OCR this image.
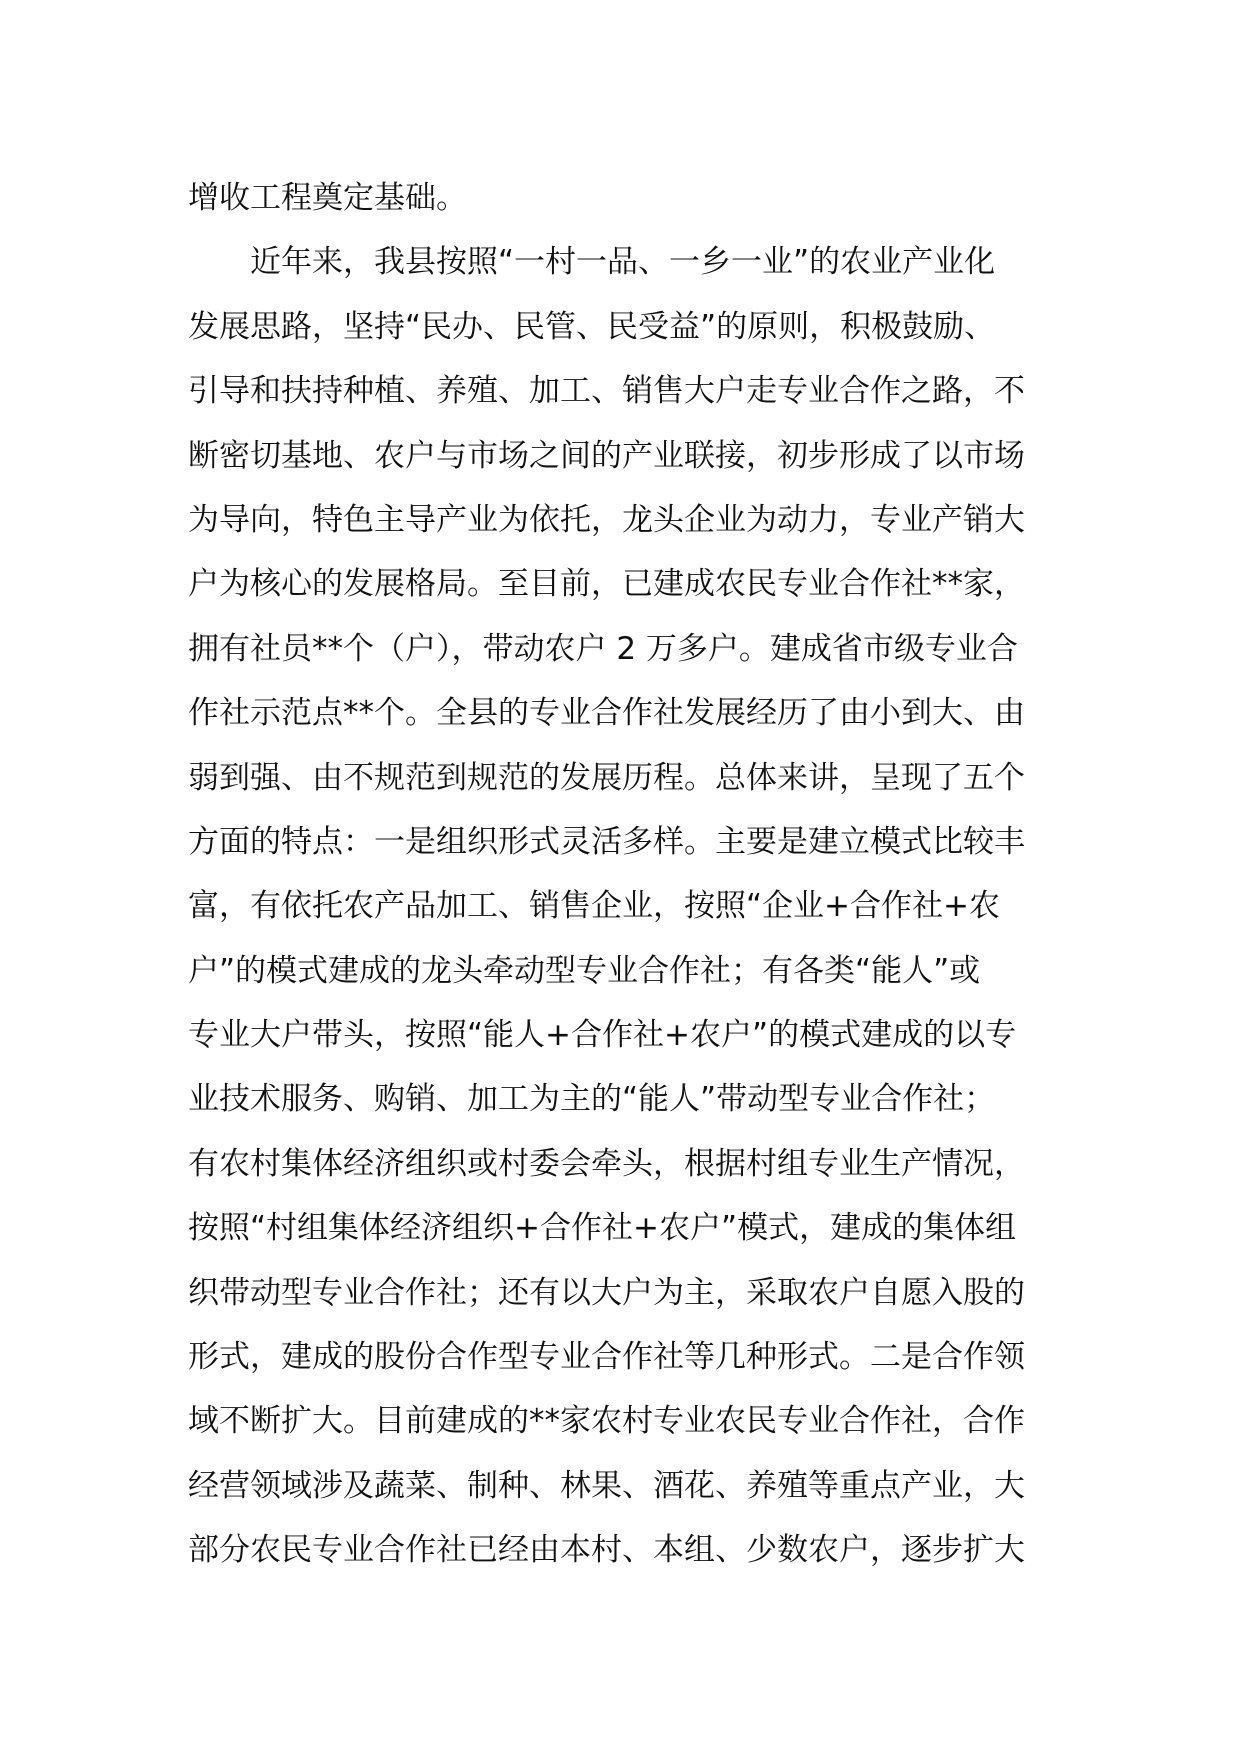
增收工程奠定基础。
　　近年来，我县按照“一村一品、一乡一业”的农业产业化
发展思路，坚持“民办、民管、民受益”的原则，积极鼓励、
引导和扶持种植、养殖、加工、销售大户走专业合作之路，不
断密切基地、农户与市场之间的产业联接，初步形成了以市场
为导向，特色主导产业为依托，龙头企业为动力，专业产销大
户为核心的发展格局。至目前，已建成农民专业合作社**家，
拥有社员**个（户），带动农户 2 万多户。建成省市级专业合
作社示范点**个。全县的专业合作社发展经历了由小到大、由
弱到强、由不规范到规范的发展历程。总体来讲，呈现了五个
方面的特点：一是组织形式灵活多样。主要是建立模式比较丰
富，有依托农产品加工、销售企业，按照“企业+合作社+农
户”的模式建成的龙头牵动型专业合作社；有各类“能人”或
专业大户带头，按照“能人+合作社+农户”的模式建成的以专
业技术服务、购销、加工为主的“能人”带动型专业合作社；
有农村集体经济组织或村委会牵头，根据村组专业生产情况，
按照“村组集体经济组织+合作社+农户”模式，建成的集体组
织带动型专业合作社；还有以大户为主，采取农户自愿入股的
形式，建成的股份合作型专业合作社等几种形式。二是合作领
域不断扩大。目前建成的**家农村专业农民专业合作社，合作
经营领域涉及蔬菜、制种、林果、酒花、养殖等重点产业，大
部分农民专业合作社已经由本村、本组、少数农户，逐步扩大
